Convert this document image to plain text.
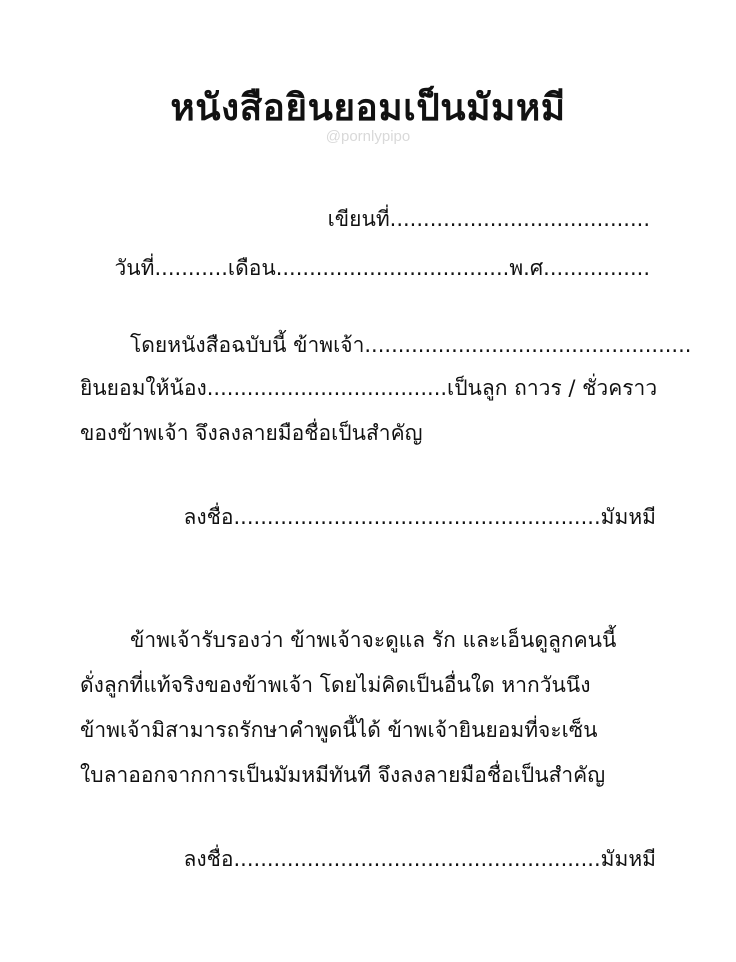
หนังสือยินยอมเป็นมัมหมี
@pornlypipo
เขียนที่.......................................
วันที่...........เดือน...................................พ.ศ................
โดยหนังสือฉบับนี้ ข้าพเจ้า.................................................
ยินยอมให้น้อง....................................เป็นลูก ถาวร / ชั่วคราว
ของข้าพเจ้า จึงลงลายมือชื่อเป็นสำคัญ
ลงชื่อ.......................................................มัมหมี
ข้าพเจ้ารับรองว่า ข้าพเจ้าจะดูแล รัก และเอ็นดูลูกคนนี้
ดั่งลูกที่แท้จริงของข้าพเจ้า โดยไม่คิดเป็นอื่นใด หากวันนึง
ข้าพเจ้ามิสามารถรักษาคำพูดนี้ได้ ข้าพเจ้ายินยอมที่จะเซ็น
ใบลาออกจากการเป็นมัมหมีทันที จึงลงลายมือชื่อเป็นสำคัญ
ลงชื่อ.......................................................มัมหมี
